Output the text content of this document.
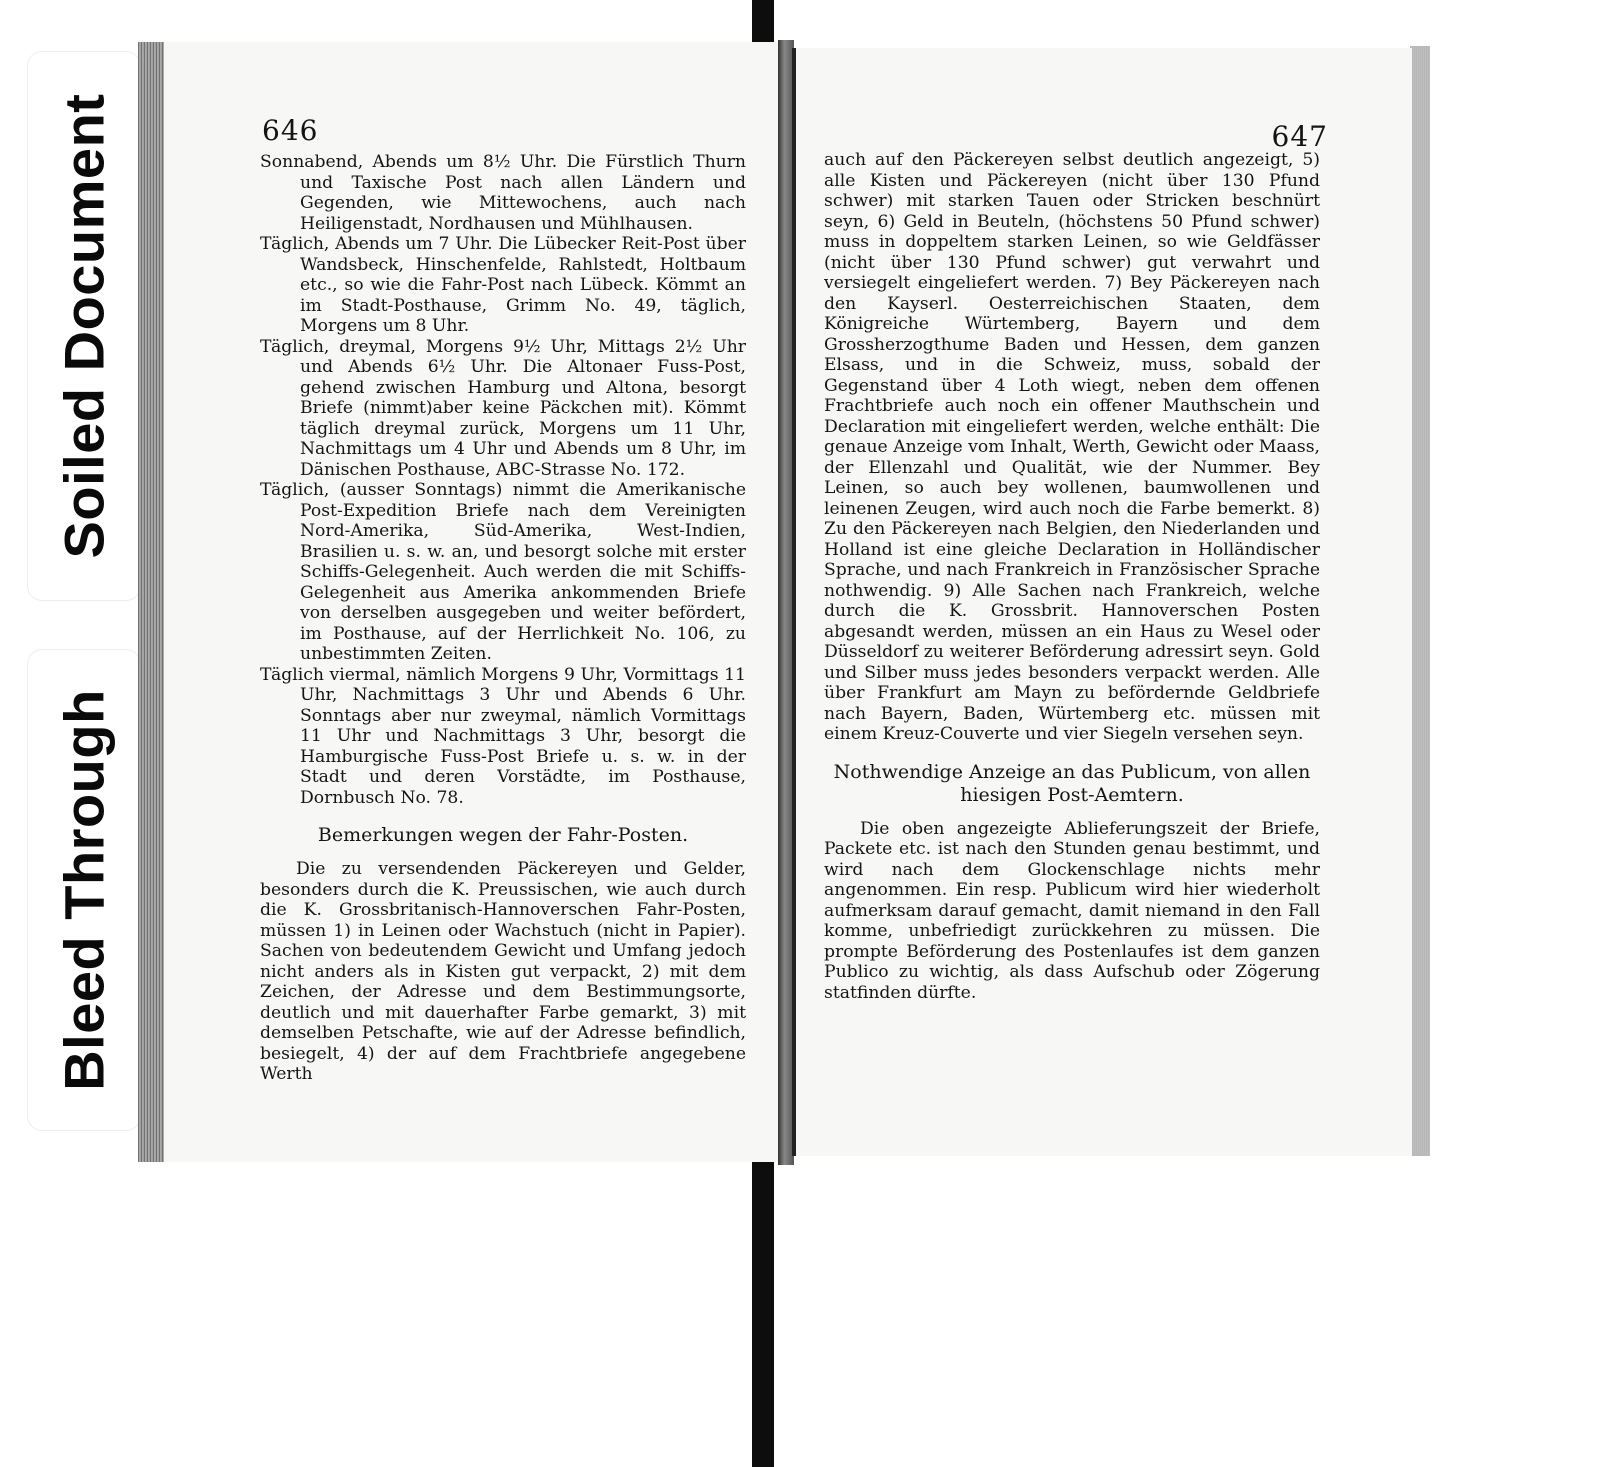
Soiled Document
Bleed Through
646

Sonnabend, Abends um 8½ Uhr. Die Fürstlich Thurn und Taxische Post nach allen Ländern und Gegenden, wie Mittewochens, auch nach Heiligenstadt, Nordhausen und Mühlhausen.

Täglich, Abends um 7 Uhr. Die Lübecker Reit-Post über Wandsbeck, Hinschenfelde, Rahlstedt, Holtbaum etc., so wie die Fahr-Post nach Lübeck. Kömmt an im Stadt-Posthause, Grimm No. 49, täglich, Morgens um 8 Uhr.

Täglich, dreymal, Morgens 9½ Uhr, Mittags 2½ Uhr und Abends 6½ Uhr. Die Altonaer Fuss-Post, gehend zwischen Hamburg und Altona, besorgt Briefe (nimmt)aber keine Päckchen mit). Kömmt täglich dreymal zurück, Morgens um 11 Uhr, Nachmittags um 4 Uhr und Abends um 8 Uhr, im Dänischen Posthause, ABC-Strasse No. 172.

Täglich, (ausser Sonntags) nimmt die Amerikanische Post-Expedition Briefe nach dem Vereinigten Nord-Amerika, Süd-Amerika, West-Indien, Brasilien u. s. w. an, und besorgt solche mit erster Schiffs-Gelegenheit. Auch werden die mit Schiffs-Gelegenheit aus Amerika ankommenden Briefe von derselben ausgegeben und weiter befördert, im Posthause, auf der Herrlichkeit No. 106, zu unbestimmten Zeiten.

Täglich viermal, nämlich Morgens 9 Uhr, Vormittags 11 Uhr, Nachmittags 3 Uhr und Abends 6 Uhr. Sonntags aber nur zweymal, nämlich Vormittags 11 Uhr und Nachmittags 3 Uhr, besorgt die Hamburgische Fuss-Post Briefe u. s. w. in der Stadt und deren Vorstädte, im Posthause, Dornbusch No. 78.

Bemerkungen wegen der Fahr-Posten.

Die zu versendenden Päckereyen und Gelder, besonders durch die K. Preussischen, wie auch durch die K. Grossbritanisch-Hannoverschen Fahr-Posten, müssen 1) in Leinen oder Wachstuch (nicht in Papier). Sachen von bedeutendem Gewicht und Umfang jedoch nicht anders als in Kisten gut verpackt, 2) mit dem Zeichen, der Adresse und dem Bestimmungsorte, deutlich und mit dauerhafter Farbe gemarkt, 3) mit demselben Petschafte, wie auf der Adresse befindlich, besiegelt, 4) der auf dem Frachtbriefe angegebene Werth

647

auch auf den Päckereyen selbst deutlich angezeigt, 5) alle Kisten und Päckereyen (nicht über 130 Pfund schwer) mit starken Tauen oder Stricken beschnürt seyn, 6) Geld in Beuteln, (höchstens 50 Pfund schwer) muss in doppeltem starken Leinen, so wie Geldfässer (nicht über 130 Pfund schwer) gut verwahrt und versiegelt eingeliefert werden. 7) Bey Päckereyen nach den Kayserl. Oesterreichischen Staaten, dem Königreiche Würtemberg, Bayern und dem Grossherzogthume Baden und Hessen, dem ganzen Elsass, und in die Schweiz, muss, sobald der Gegenstand über 4 Loth wiegt, neben dem offenen Frachtbriefe auch noch ein offener Mauthschein und Declaration mit eingeliefert werden, welche enthält: Die genaue Anzeige vom Inhalt, Werth, Gewicht oder Maass, der Ellenzahl und Qualität, wie der Nummer. Bey Leinen, so auch bey wollenen, baumwollenen und leinenen Zeugen, wird auch noch die Farbe bemerkt. 8) Zu den Päckereyen nach Belgien, den Niederlanden und Holland ist eine gleiche Declaration in Holländischer Sprache, und nach Frankreich in Französischer Sprache nothwendig. 9) Alle Sachen nach Frankreich, welche durch die K. Grossbrit. Hannoverschen Posten abgesandt werden, müssen an ein Haus zu Wesel oder Düsseldorf zu weiterer Beförderung adressirt seyn. Gold und Silber muss jedes besonders verpackt werden. Alle über Frankfurt am Mayn zu befördernde Geldbriefe nach Bayern, Baden, Würtemberg etc. müssen mit einem Kreuz-Couverte und vier Siegeln versehen seyn.

Nothwendige Anzeige an das Publicum, von allen
hiesigen Post-Aemtern.

Die oben angezeigte Ablieferungszeit der Briefe, Packete etc. ist nach den Stunden genau bestimmt, und wird nach dem Glockenschlage nichts mehr angenommen. Ein resp. Publicum wird hier wiederholt aufmerksam darauf gemacht, damit niemand in den Fall komme, unbefriedigt zurückkehren zu müssen. Die prompte Beförderung des Postenlaufes ist dem ganzen Publico zu wichtig, als dass Aufschub oder Zögerung statfinden dürfte.
